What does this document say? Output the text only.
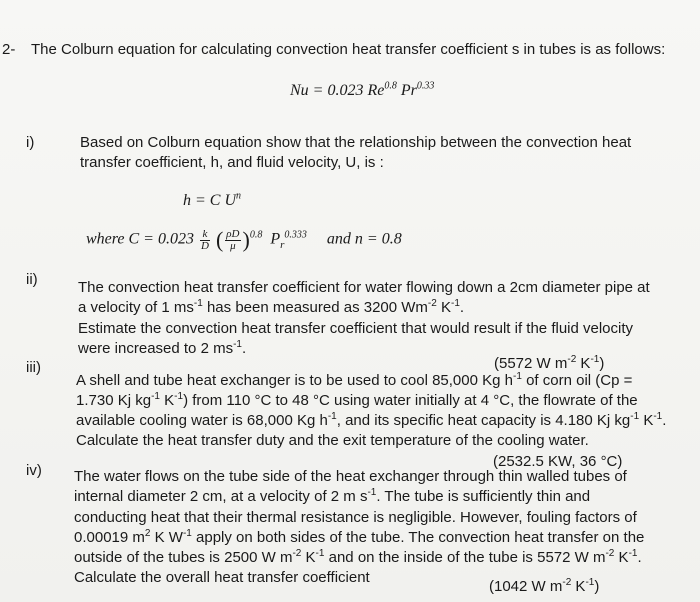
2- The Colburn equation for calculating convection heat transfer coefficient s in tubes is as follows:
Nu = 0.023 $Re^{0.8}$ $Pr^{0.33}$
i)	Based on Colburn equation show that the relationship between the convection heat
transfer coefficient, h, and fluid velocity, U, is :
h = C $U^n$
where $C = 0.023 \frac{k}{D}$ ( $\frac{\rho D}{\mu} )^{0.8}$ $P_r^{0.333}$ and n = 0.8
ii)	The convection heat transfer coefficient for water flowing down a 2cm diameter pipe at
a velocity of 1 $ms^{-1}$ has been measured as 3200 $Wm^{-2}$ $K^{-1}$.
Estimate the convection heat transfer coefficient that would result if the fluid velocity
were increased to 2 $ms^{-1}$.
(5572 W $m^{-2}$ $K^{-1}$)
iii)
A shell and tube heat exchanger is to be used to cool 85,000 Kg $h^{-1}$ of corn oil (Cp =
1.730 Kj $kg^{-1}$ $K^{-1}$) from 110 °C to 48 °C using water initially at 4 °C, the flowrate of the
available cooling water is 68,000 Kg $h^{-1}$, and its specific heat capacity is 4.180 Kj $kg^{-1}$ $K^{-1}$.
Calculate the heat transfer duty and the exit temperature of the cooling water.
(2532.5 KW, 36 °C)
iv) The water flows on the tube side of the heat exchanger through thin walled tubes of
internal diameter 2 cm, at a velocity of 2 m $s^{-1}$. The tube is sufficiently thin and
conducting heat that their thermal resistance is negligible. However, fouling factors of
0.00019 $m^2$ K $W^{-1}$ apply on both sides of the tube. The convection heat transfer on the
outside of the tubes is 2500 W $m^{-2}$ $K^{-1}$ and on the inside of the tube is 5572 W $m^{-2}$ $K^{-1}$.
Calculate the overall heat transfer coefficient
(1042 W $m^{-2}$ $K^{-1}$)
